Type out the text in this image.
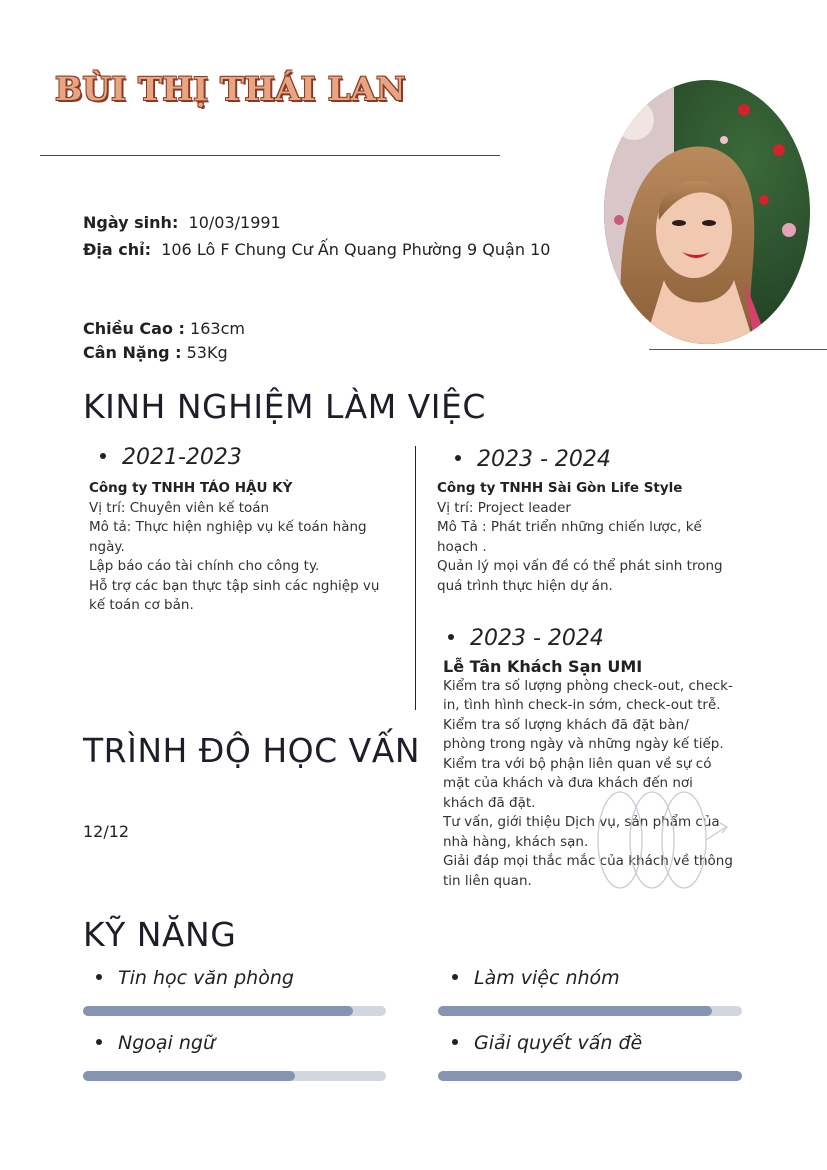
BÙI THỊ THÁI LAN
Ngày sinh: 10/03/1991
Địa chỉ: 106 Lô F Chung Cư Ấn Quang Phường 9 Quận 10
Chiều Cao : 163cm
Cân Nặng : 53Kg
KINH NGHIỆM LÀM VIỆC
2021-2023
Công ty TNHH TÁO HẬU KỲ
Vị trí: Chuyên viên kế toán
Mô tả: Thực hiện nghiệp vụ kế toán hàng ngày.
Lập báo cáo tài chính cho công ty.
Hỗ trợ các bạn thực tập sinh các nghiệp vụ kế toán cơ bản.
2023 - 2024
Công ty TNHH Sài Gòn Life Style
Vị trí: Project leader
Mô Tả : Phát triển những chiến lược, kế hoạch .
Quản lý mọi vấn đề có thể phát sinh trong quá trình thực hiện dự án.
2023 - 2024
Lễ Tân Khách Sạn UMI
Kiểm tra số lượng phòng check-out, check-in, tình hình check-in sớm, check-out trễ.
Kiểm tra số lượng khách đã đặt bàn/ phòng trong ngày và những ngày kế tiếp.
Kiểm tra với bộ phận liên quan về sự có mặt của khách và đưa khách đến nơi khách đã đặt.
Tư vấn, giới thiệu Dịch vụ, sản phẩm của nhà hàng, khách sạn.
Giải đáp mọi thắc mắc của khách về thông tin liên quan.
TRÌNH ĐỘ HỌC VẤN
12/12
KỸ NĂNG
Tin học văn phòng	Làm việc nhóm
Ngoại ngữ	Giải quyết vấn đề
